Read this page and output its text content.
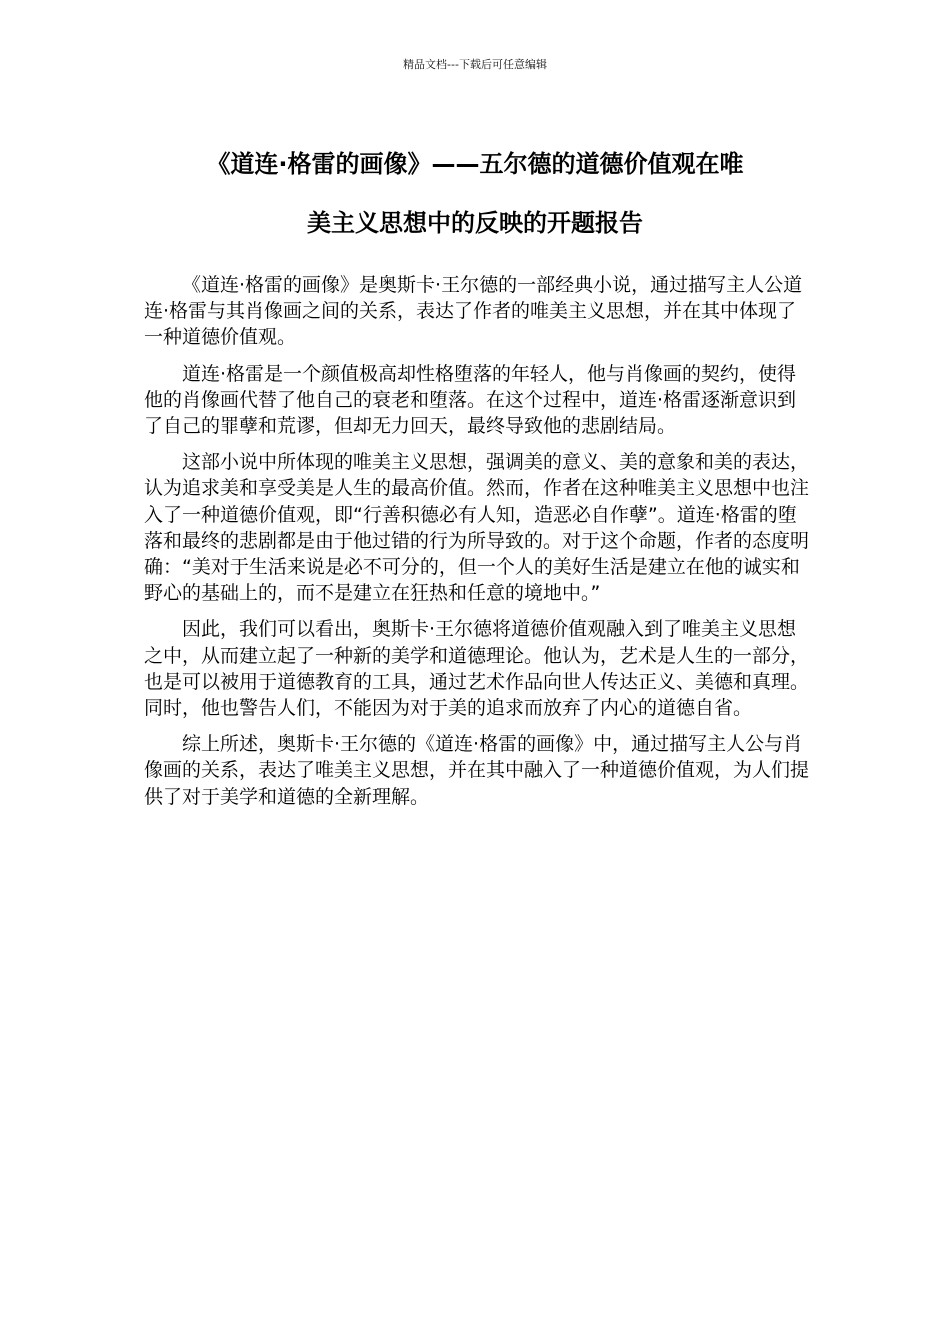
精品文档---下载后可任意编辑
《道连·格雷的画像》——五尔德的道德价值观在唯
美主义思想中的反映的开题报告

《道连·格雷的画像》是奥斯卡·王尔德的一部经典小说，通过描写主人公道连·格雷与其肖像画之间的关系，表达了作者的唯美主义思想，并在其中体现了一种道德价值观。

道连·格雷是一个颜值极高却性格堕落的年轻人，他与肖像画的契约，使得他的肖像画代替了他自己的衰老和堕落。在这个过程中，道连·格雷逐渐意识到了自己的罪孽和荒谬，但却无力回天，最终导致他的悲剧结局。

这部小说中所体现的唯美主义思想，强调美的意义、美的意象和美的表达，认为追求美和享受美是人生的最高价值。然而，作者在这种唯美主义思想中也注入了一种道德价值观，即“行善积德必有人知，造恶必自作孽”。道连·格雷的堕落和最终的悲剧都是由于他过错的行为所导致的。对于这个命题，作者的态度明确：“美对于生活来说是必不可分的，但一个人的美好生活是建立在他的诚实和野心的基础上的，而不是建立在狂热和任意的境地中。”

因此，我们可以看出，奥斯卡·王尔德将道德价值观融入到了唯美主义思想之中，从而建立起了一种新的美学和道德理论。他认为，艺术是人生的一部分，也是可以被用于道德教育的工具，通过艺术作品向世人传达正义、美德和真理。同时，他也警告人们，不能因为对于美的追求而放弃了内心的道德自省。

综上所述，奥斯卡·王尔德的《道连·格雷的画像》中，通过描写主人公与肖像画的关系，表达了唯美主义思想，并在其中融入了一种道德价值观，为人们提供了对于美学和道德的全新理解。
